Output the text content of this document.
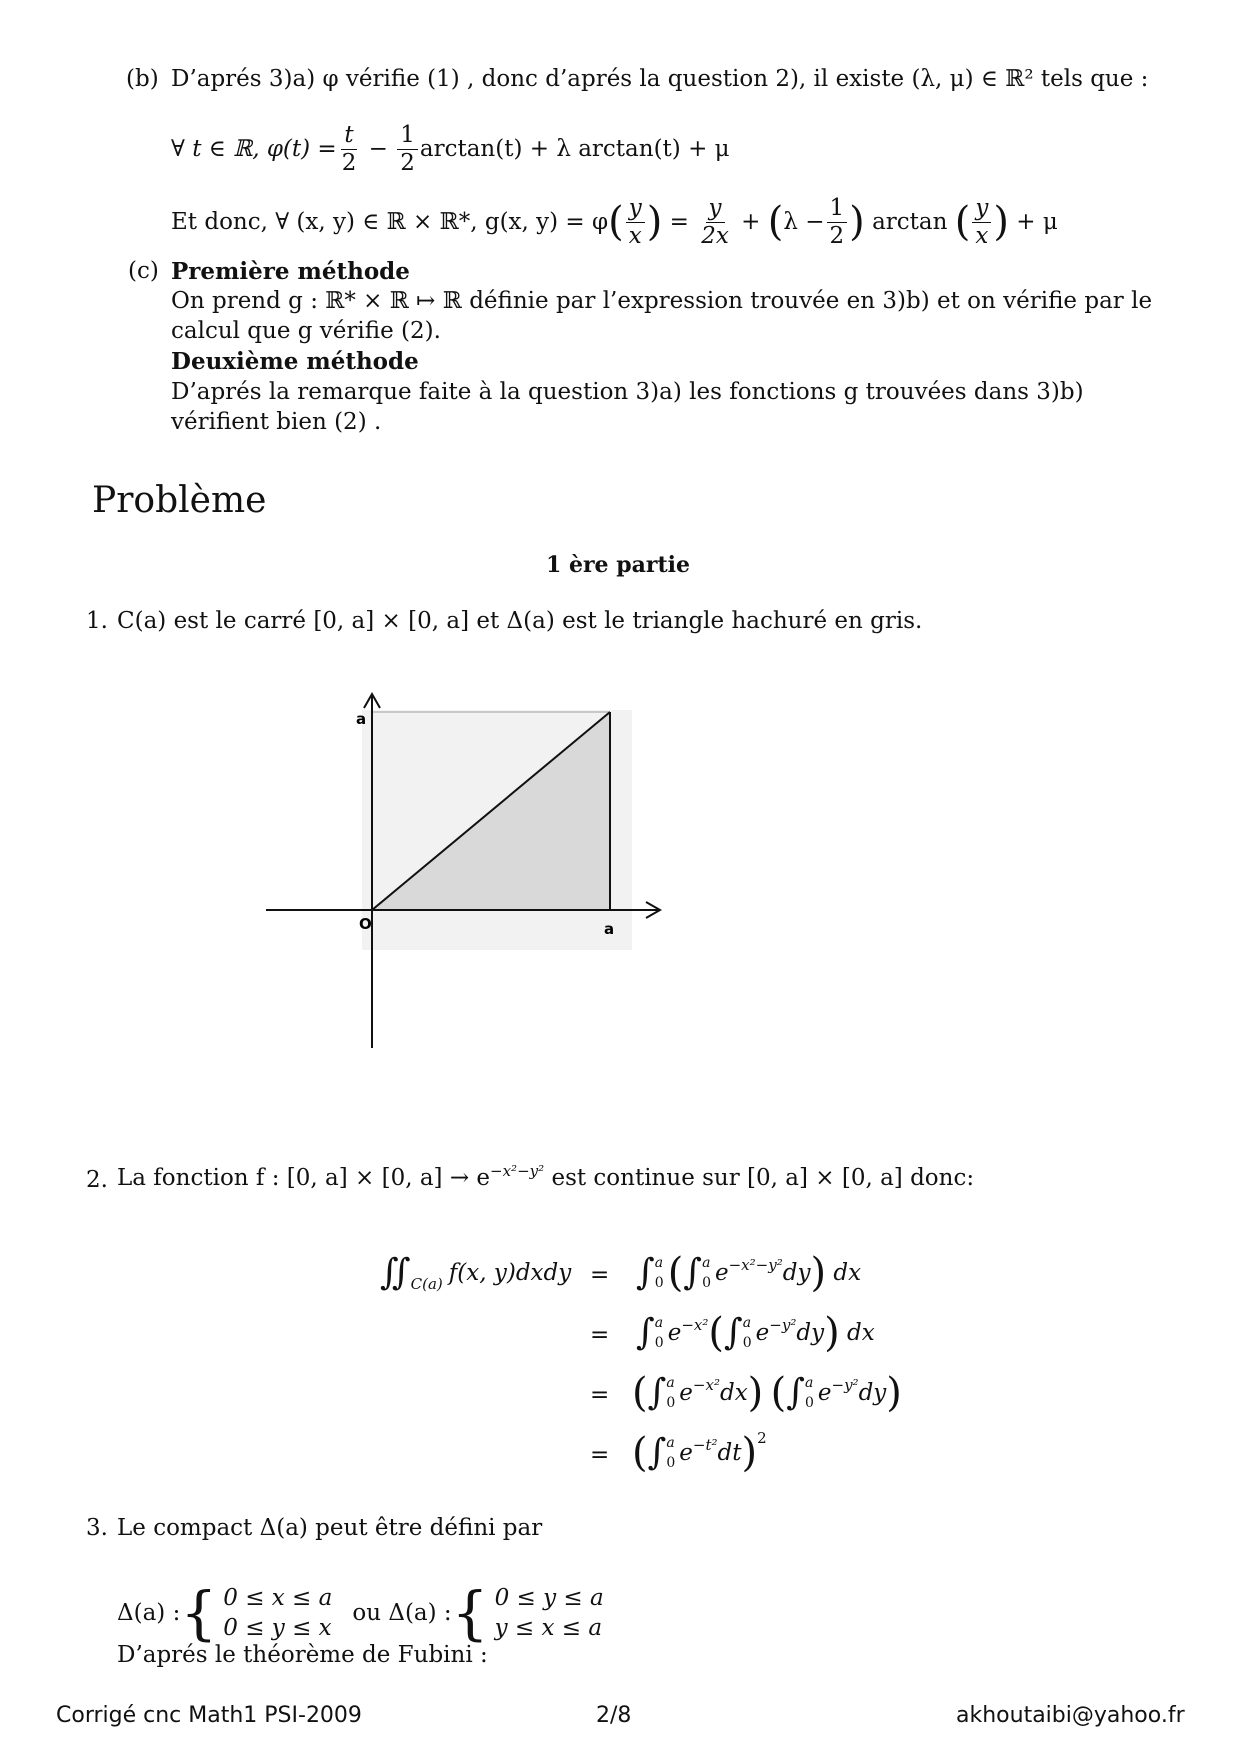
(b) D’aprés 3)a) φ vérifie (1) , donc d’aprés la question 2), il existe (λ, μ) ∈ ℝ² tels que :
∀ t ∈ ℝ, $\varphi(t) = \frac{t}{2} - \frac{1}{2} \arctan(t) + \lambda$ arctan(t) + μ
Et donc, ∀ (x, y) ∈ ℝ × ℝ*, g(x, y) = φ ( $\frac{y}{x}$ ) = $\frac{y}{2x}$ + ( $\lambda - \frac{1}{2}$ )
arctan
( $\frac{y}{x}$ )
+ μ
(c) Première méthode
On prend g : ℝ* × ℝ ↦ ℝ définie par l’expression trouvée en 3)b) et on vérifie par le calcul que g vérifie (2).
Deuxième méthode
D’aprés la remarque faite à la question 3)a) les fonctions g trouvées dans 3)b) vérifient bien (2) .
Problème
1 ère partie
1. C(a) est le carré [0, a] × [0, a] et Δ(a) est le triangle hachuré en gris.
a
O	a
2. La fonction f : [0, a] × [0, a] → e −x²−y²
est continue sur [0, a] × [0, a] donc:
∬ C(a) f(x, y)dxdy = ∫ a
0 ( ∫ a
0 e −x²−y² dy )
dx
= ∫ a
0 e −x² ( ∫ a
0 e −y² dy )
dx
= ( ∫ a
0 e −x² dx )
( ∫ a
0 e −y² dy )
= ( ∫ a
0 e −t² dt ) 2
3. Le compact Δ(a) peut être défini par
Δ(a) : { 0 ≤ x ≤ a
0 ≤ y ≤ x
ou Δ(a) : { 0 ≤ y ≤ a
y ≤ x ≤ a
D’aprés le théorème de Fubini :
Corrigé cnc Math1 PSI-2009	2/8	akhoutaibi@yahoo.fr
